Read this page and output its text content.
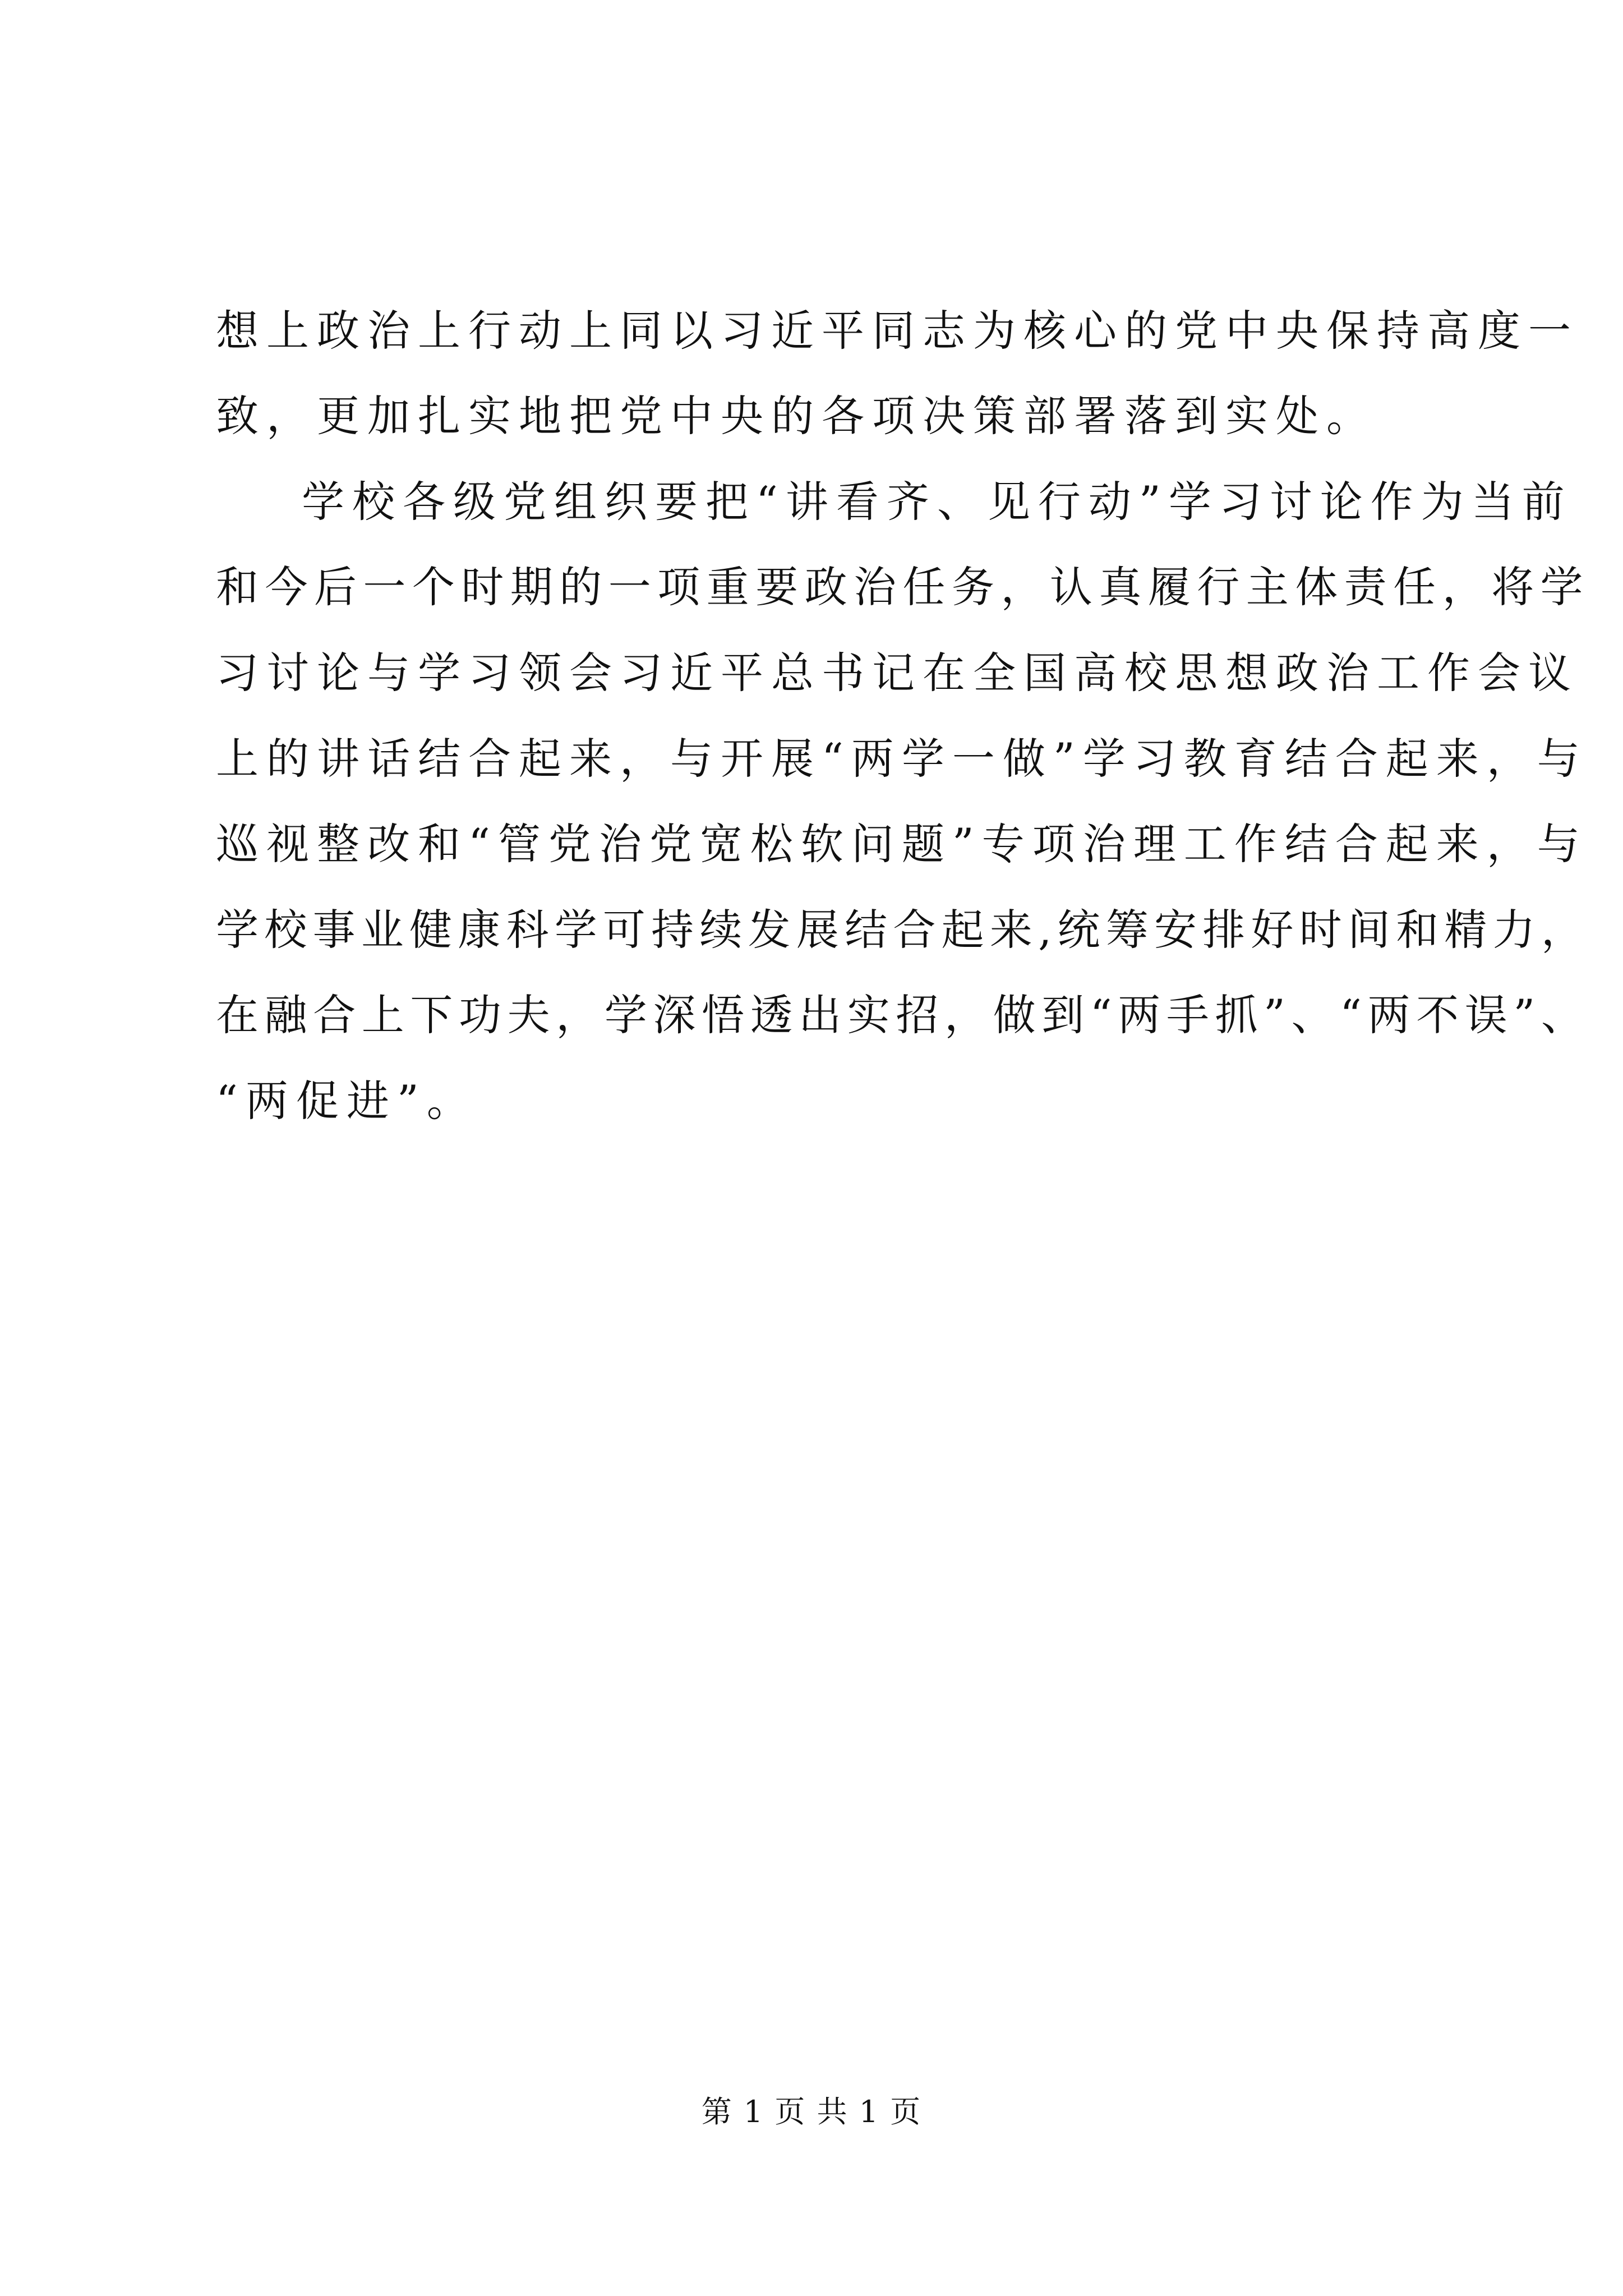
想上政治上行动上同以习近平同志为核心的党中央保持高度一
致，更加扎实地把党中央的各项决策部署落到实处。
学校各级党组织要把“讲看齐、见行动”学习讨论作为当前
和今后一个时期的一项重要政治任务，认真履行主体责任，将学
习讨论与学习领会习近平总书记在全国高校思想政治工作会议
上的讲话结合起来，与开展“两学一做”学习教育结合起来，与
巡视整改和“管党治党宽松软问题”专项治理工作结合起来，与
学校事业健康科学可持续发展结合起来,统筹安排好时间和精力，
在融合上下功夫，学深悟透出实招，做到“两手抓”、“两不误”、
“两促进”。
第 1 页 共 1 页
